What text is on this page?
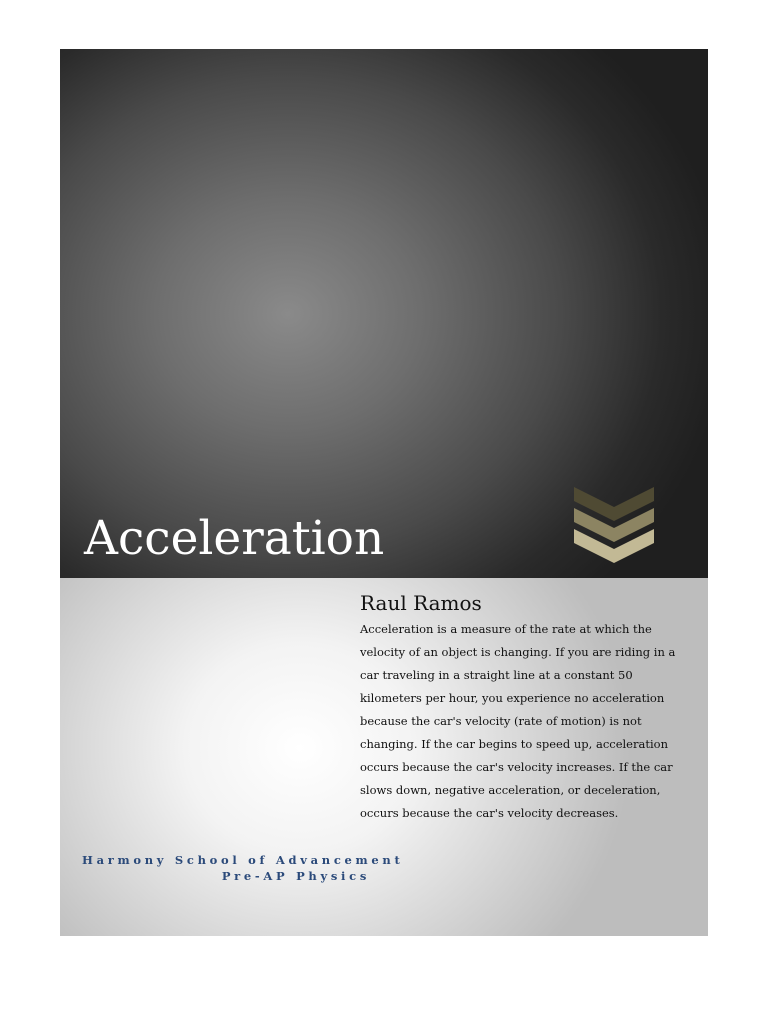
Acceleration
Raul Ramos

Acceleration is a measure of the rate at which the
velocity of an object is changing. If you are riding in a
car traveling in a straight line at a constant 50
kilometers per hour, you experience no acceleration
because the car's velocity (rate of motion) is not
changing. If the car begins to speed up, acceleration
occurs because the car's velocity increases. If the car
slows down, negative acceleration, or deceleration,
occurs because the car's velocity decreases.

Harmony School of Advancement
Pre-AP Physics
